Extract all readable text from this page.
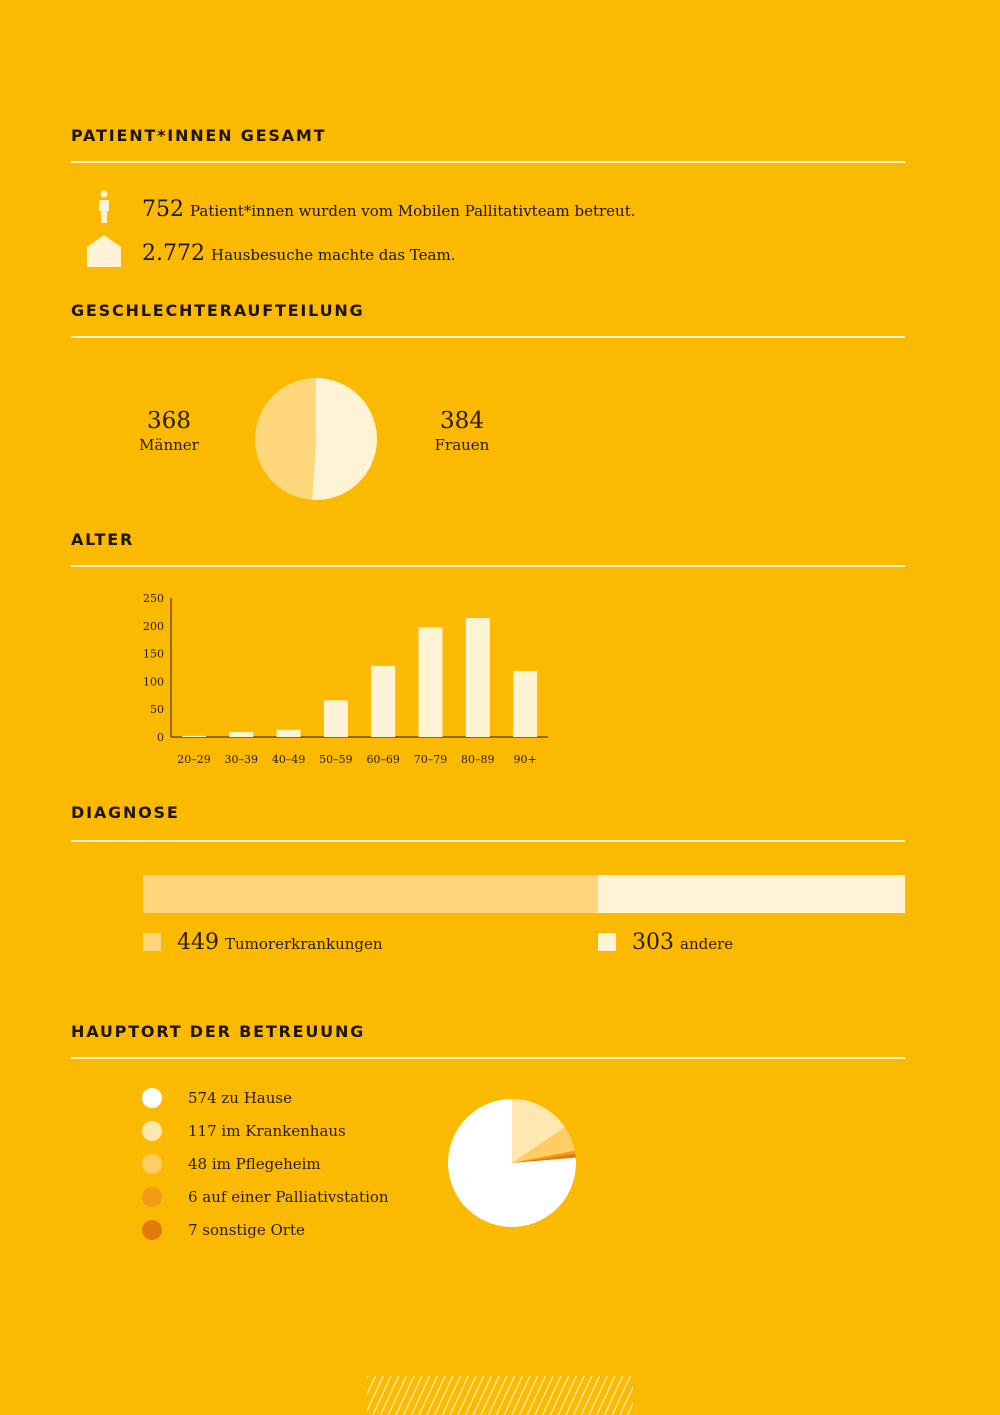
PATIENT*INNEN GESAMT
752 Patient*innen wurden vom Mobilen Pallitativteam betreut.
2.772 Hausbesuche machte das Team.
GESCHLECHTERAUFTEILUNG
368
Männer
384
Frauen
ALTER
0
50
100
150
200
250
20–29 30–39 40–49 50–59 60–69 70–79 80–89 90+
DIAGNOSE
449 Tumorerkrankungen	303 andere
HAUPTORT DER BETREUUNG
574 zu Hause
117 im Krankenhaus
48 im Pflegeheim
6 auf einer Palliativstation
7 sonstige Orte
